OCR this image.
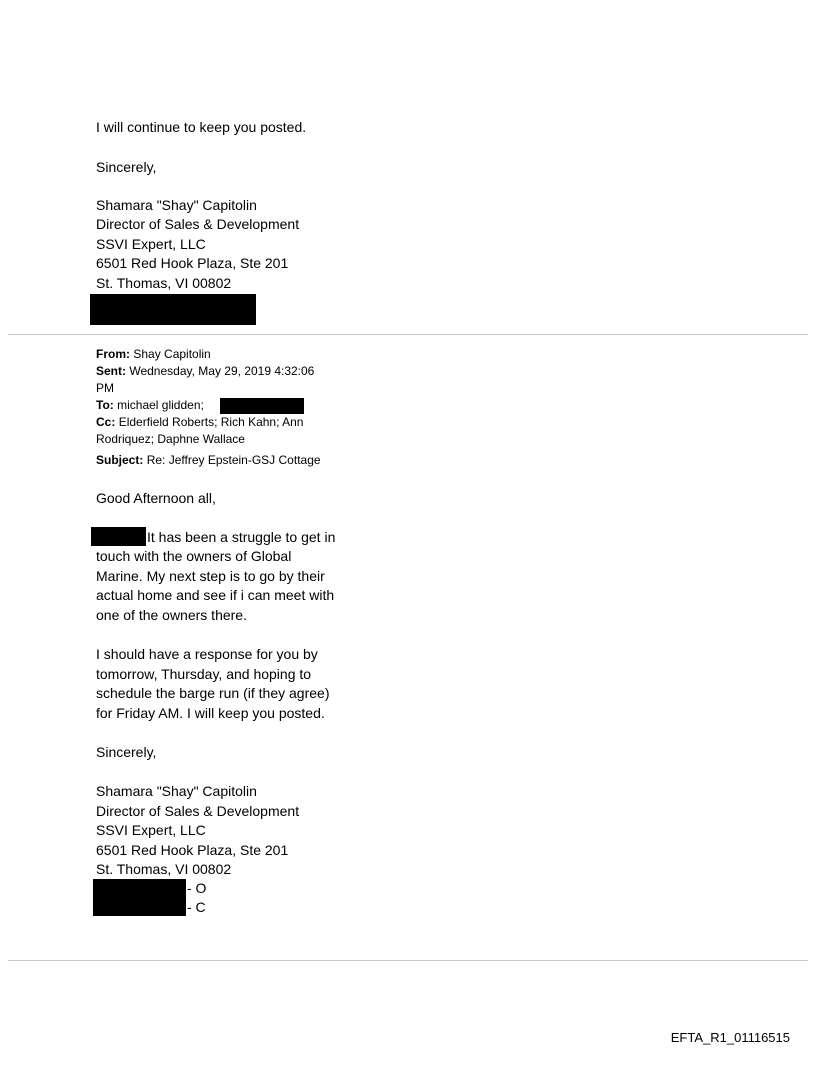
I will continue to keep you posted.
Sincerely,
Shamara "Shay" Capitolin
Director of Sales & Development
SSVI Expert, LLC
6501 Red Hook Plaza, Ste 201
St. Thomas, VI 00802
From: Shay Capitolin
Sent: Wednesday, May 29, 2019 4:32:06
PM
To: michael glidden;
Cc: Elderfield Roberts; Rich Kahn; Ann
Rodriquez; Daphne Wallace
Subject: Re: Jeffrey Epstein-GSJ Cottage
Good Afternoon all,
It has been a struggle to get in
touch with the owners of Global
Marine. My next step is to go by their
actual home and see if i can meet with
one of the owners there.
I should have a response for you by
tomorrow, Thursday, and hoping to
schedule the barge run (if they agree)
for Friday AM. I will keep you posted.
Sincerely,
Shamara "Shay" Capitolin
Director of Sales & Development
SSVI Expert, LLC
6501 Red Hook Plaza, Ste 201
St. Thomas, VI 00802
- O
- C
EFTA_R1_01116515
